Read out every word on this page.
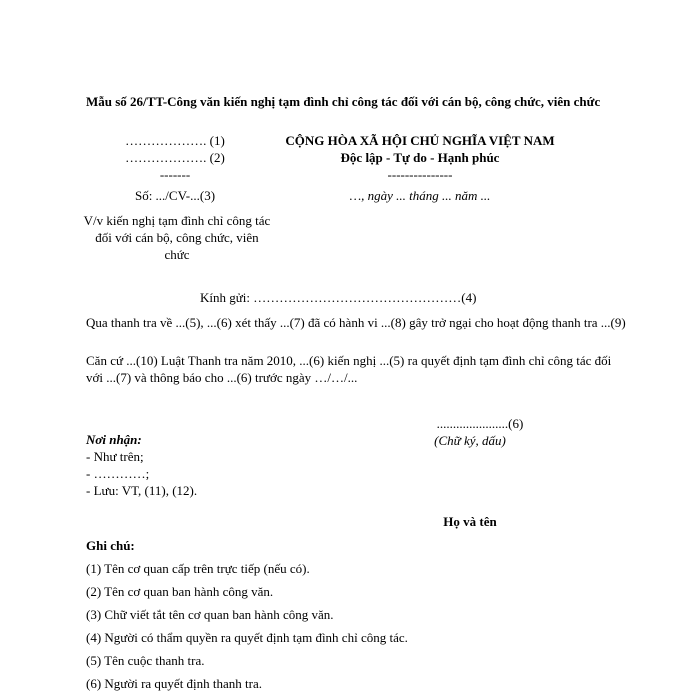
Mẫu số 26/TT-Công văn kiến nghị tạm đình chỉ công tác đối với cán bộ, công chức, viên chức
………………. (1)
………………. (2)
-------
Số: .../CV-...(3)
V/v kiến nghị tạm đình chỉ công tác đối với cán bộ, công chức, viên chức
CỘNG HÒA XÃ HỘI CHỦ NGHĨA VIỆT NAM
Độc lập - Tự do - Hạnh phúc
---------------
…, ngày ... tháng ... năm ...
Kính gửi: …………………………………………(4)
Qua thanh tra về ...(5), ...(6) xét thấy ...(7) đã có hành vi ...(8) gây trở ngại cho hoạt động thanh tra ...(9)
Căn cứ ...(10) Luật Thanh tra năm 2010, ...(6) kiến nghị ...(5) ra quyết định tạm đình chỉ công tác đối với ...(7) và thông báo cho ...(6) trước ngày …/…/...
......................(6)
(Chữ ký, dấu)
Họ và tên
Nơi nhận:
- Như trên;
- …………;
- Lưu: VT, (11), (12).
Ghi chú:
(1) Tên cơ quan cấp trên trực tiếp (nếu có).
(2) Tên cơ quan ban hành công văn.
(3) Chữ viết tắt tên cơ quan ban hành công văn.
(4) Người có thẩm quyền ra quyết định tạm đình chỉ công tác.
(5) Tên cuộc thanh tra.
(6) Người ra quyết định thanh tra.
